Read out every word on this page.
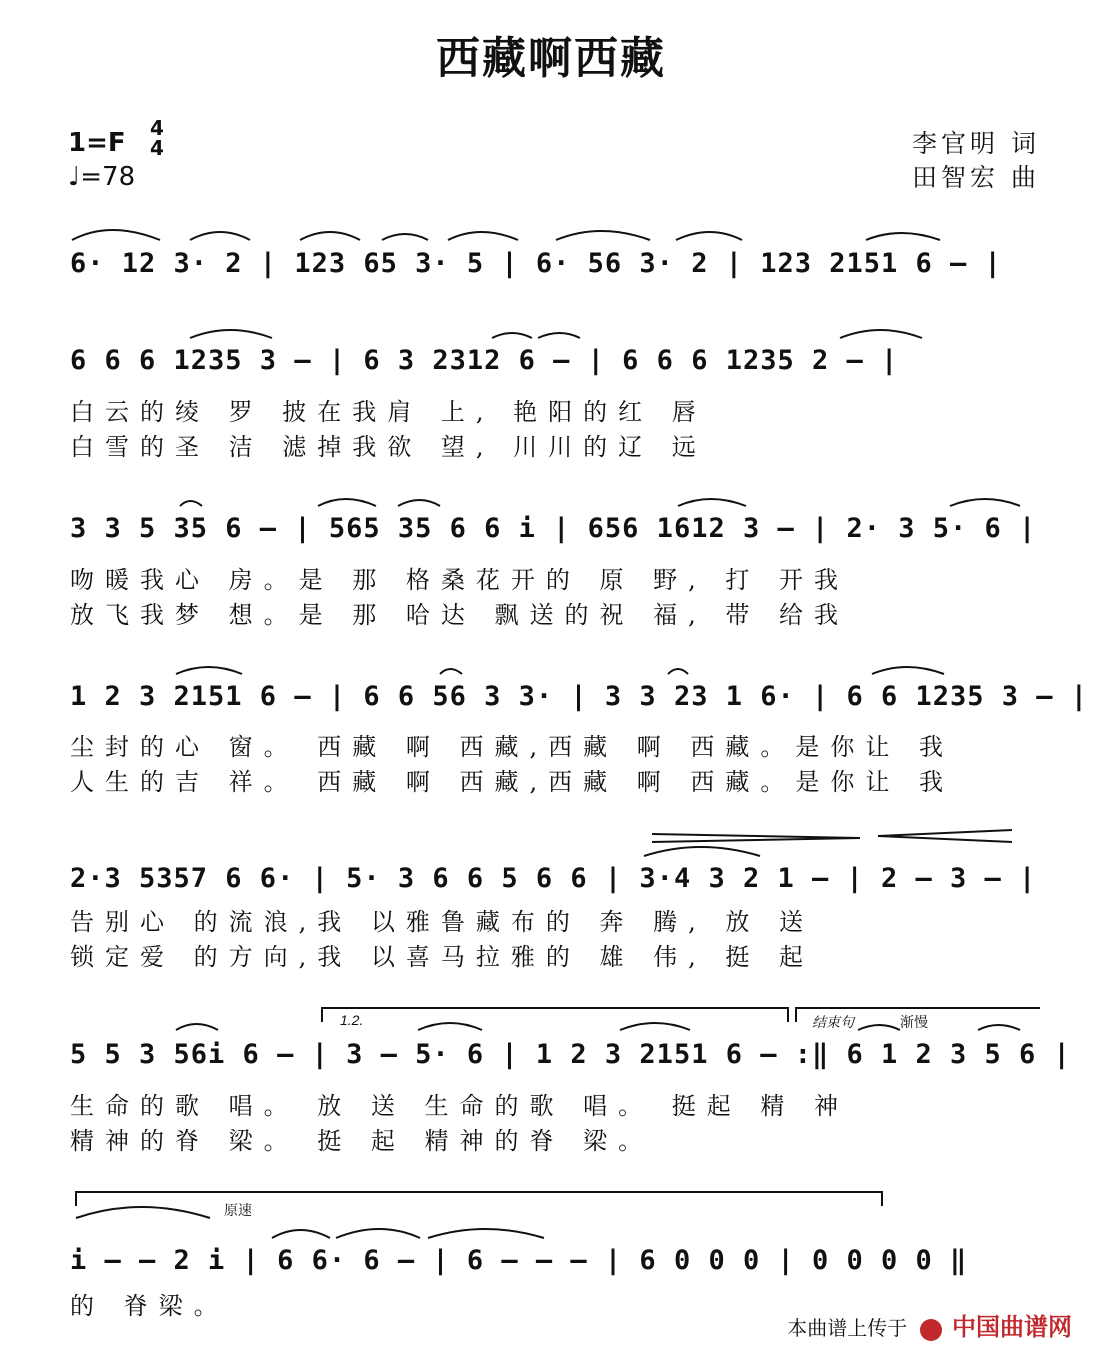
西藏啊西藏
1=F 4
4
♩=78
李官明 词
田智宏 曲
6· 12 3· 2 | 123 65 3· 5 | 6· 56 3· 2 | 123 2151 6 – |
6 6 6 1235 3 – | 6 3 2312 6 – | 6 6 6 1235 2 – |
白云的绫 罗 披在我肩 上, 艳阳的红 唇
白雪的圣 洁 滤掉我欲 望, 川川的辽 远
3 3 5 35 6 – | 565 35 6 6 i | 656 1612 3 – | 2· 3 5· 6 |
吻暖我心 房。是 那 格桑花开的 原 野, 打 开我
放飞我梦 想。是 那 哈达 飘送的祝 福, 带 给我
1 2 3 2151 6 – | 6 6 56 3 3· | 3 3 23 1 6· | 6 6 1235 3 – |
尘封的心 窗。 西藏 啊 西藏,西藏 啊 西藏。是你让 我
人生的吉 祥。 西藏 啊 西藏,西藏 啊 西藏。是你让 我
2·3 5357 6 6· | 5· 3 6 6 5 6 6 | 3·4 3 2 1 – | 2 – 3 – |
告别心 的流浪,我 以雅鲁藏布的 奔 腾, 放 送
锁定爱 的方向,我 以喜马拉雅的 雄 伟, 挺 起
1.2.	结束句	渐慢
5 5 3 56i 6 – | 3 – 5· 6 | 1 2 3 2151 6 – :‖ 6 1 2 3 5 6 |
生命的歌 唱。 放 送 生命的歌 唱。 挺起 精 神
精神的脊 梁。 挺 起 精神的脊 梁。
原速
i – – 2 i | 6 6· 6 – | 6 – – – | 6 0 0 0 | 0 0 0 0 ‖
的 脊梁。
本曲谱上传于 中国曲谱网
